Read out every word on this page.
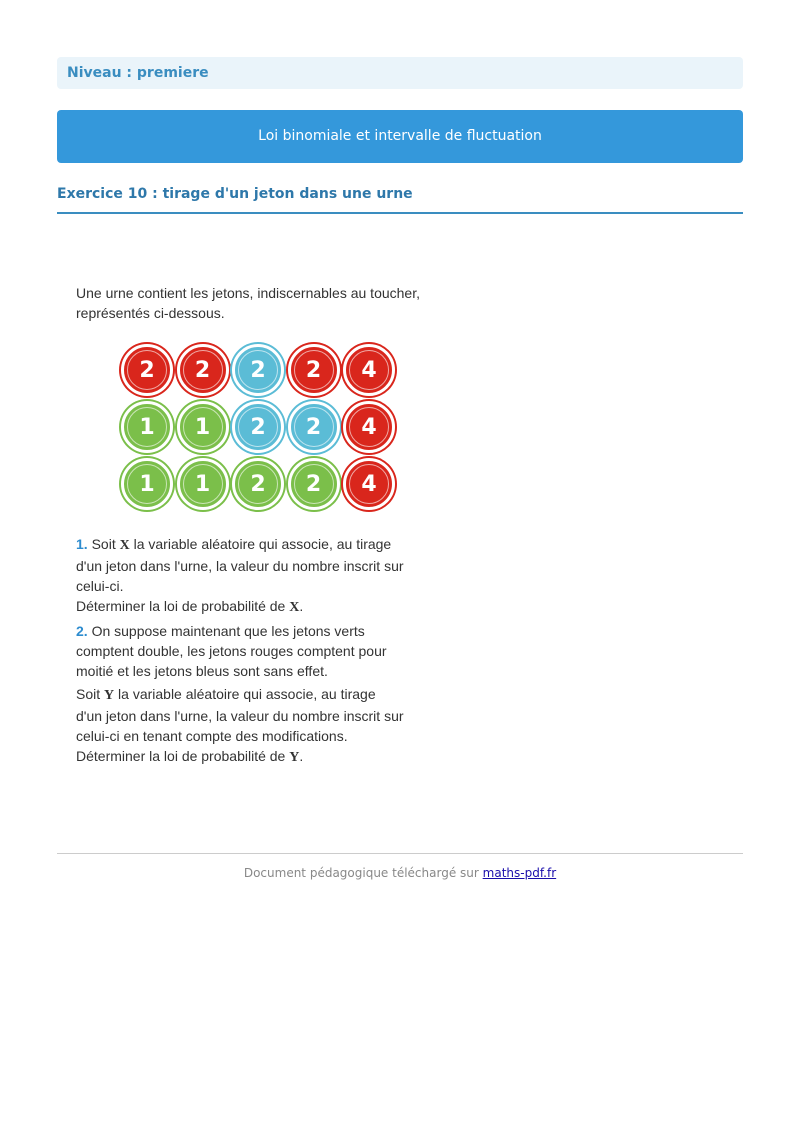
Niveau : premiere
Loi binomiale et intervalle de fluctuation
Exercice 10 : tirage d'un jeton dans une urne

Une urne contient les jetons, indiscernables au toucher,

représentés ci-dessous.

2	2	2	2	4
1	1	2	2	4
1	1	2	2	4

1. Soit X la variable aléatoire qui associe, au tirage

d'un jeton dans l'urne, la valeur du nombre inscrit sur

celui-ci.

Déterminer la loi de probabilité de X.

2. On suppose maintenant que les jetons verts

comptent double, les jetons rouges comptent pour

moitié et les jetons bleus sont sans effet.

Soit Y la variable aléatoire qui associe, au tirage

d'un jeton dans l'urne, la valeur du nombre inscrit sur

celui-ci en tenant compte des modifications.

Déterminer la loi de probabilité de Y.

Document pédagogique téléchargé sur maths-pdf.fr
